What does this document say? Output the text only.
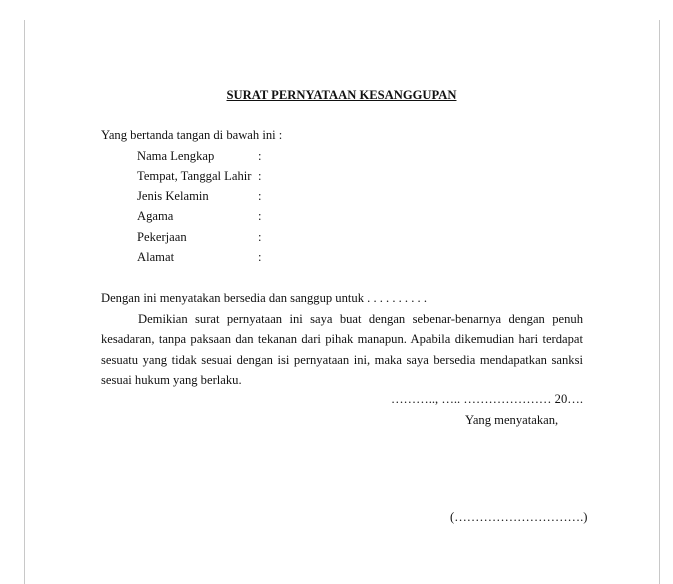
SURAT PERNYATAAN KESANGGUPAN
Yang bertanda tangan di bawah ini :
Nama Lengkap	:
Tempat, Tanggal Lahir :
Jenis Kelamin	:
Agama	:
Pekerjaan	:
Alamat	:
Dengan ini menyatakan bersedia dan sanggup untuk . . . . . . . . . .
Demikian surat pernyataan ini saya buat dengan sebenar-benarnya dengan penuh kesadaran, tanpa paksaan dan tekanan dari pihak manapun. Apabila dikemudian hari terdapat sesuatu yang tidak sesuai dengan isi pernyataan ini, maka saya bersedia mendapatkan sanksi sesuai hukum yang berlaku.
……….., ….. ………………… 20….
Yang menyatakan,
(………………………….)
